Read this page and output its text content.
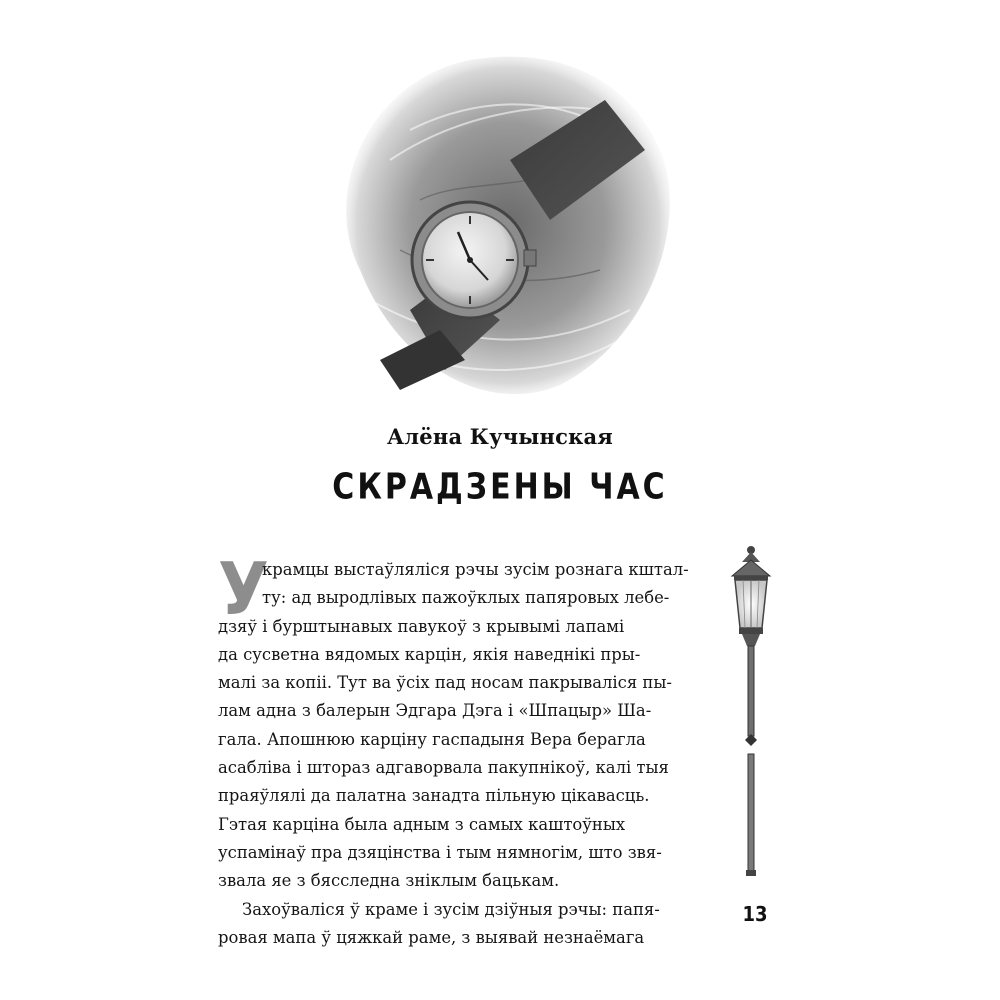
Алёна Кучынская
СКРАДЗЕНЫ ЧАС
У
крамцы выстаўляліся рэчы зусім рознага кштал-
ту: ад выродлівых пажоўклых папяровых лебе-
дзяў і бурштынавых павукоў з крывымі лапамі
да сусветна вядомых карцін, якія наведнікі пры-
малі за копіі. Тут ва ўсіх пад носам пакрываліся пы-
лам адна з балерын Эдгара Дэга і «Шпацыр» Ша-
гала. Апошнюю карціну гаспадыня Вера берагла
асабліва і штораз адгаворвала пакупнікоў, калі тыя
праяўлялі да палатна занадта пільную цікавасць.
Гэтая карціна была адным з самых каштоўных
успамінаў пра дзяцінства і тым нямногім, што звя-
звала яе з бясследна зніклым бацькам.
Захоўваліся ў краме і зусім дзіўныя рэчы: папя-
ровая мапа ў цяжкай раме, з выявай незнаёмага
13
